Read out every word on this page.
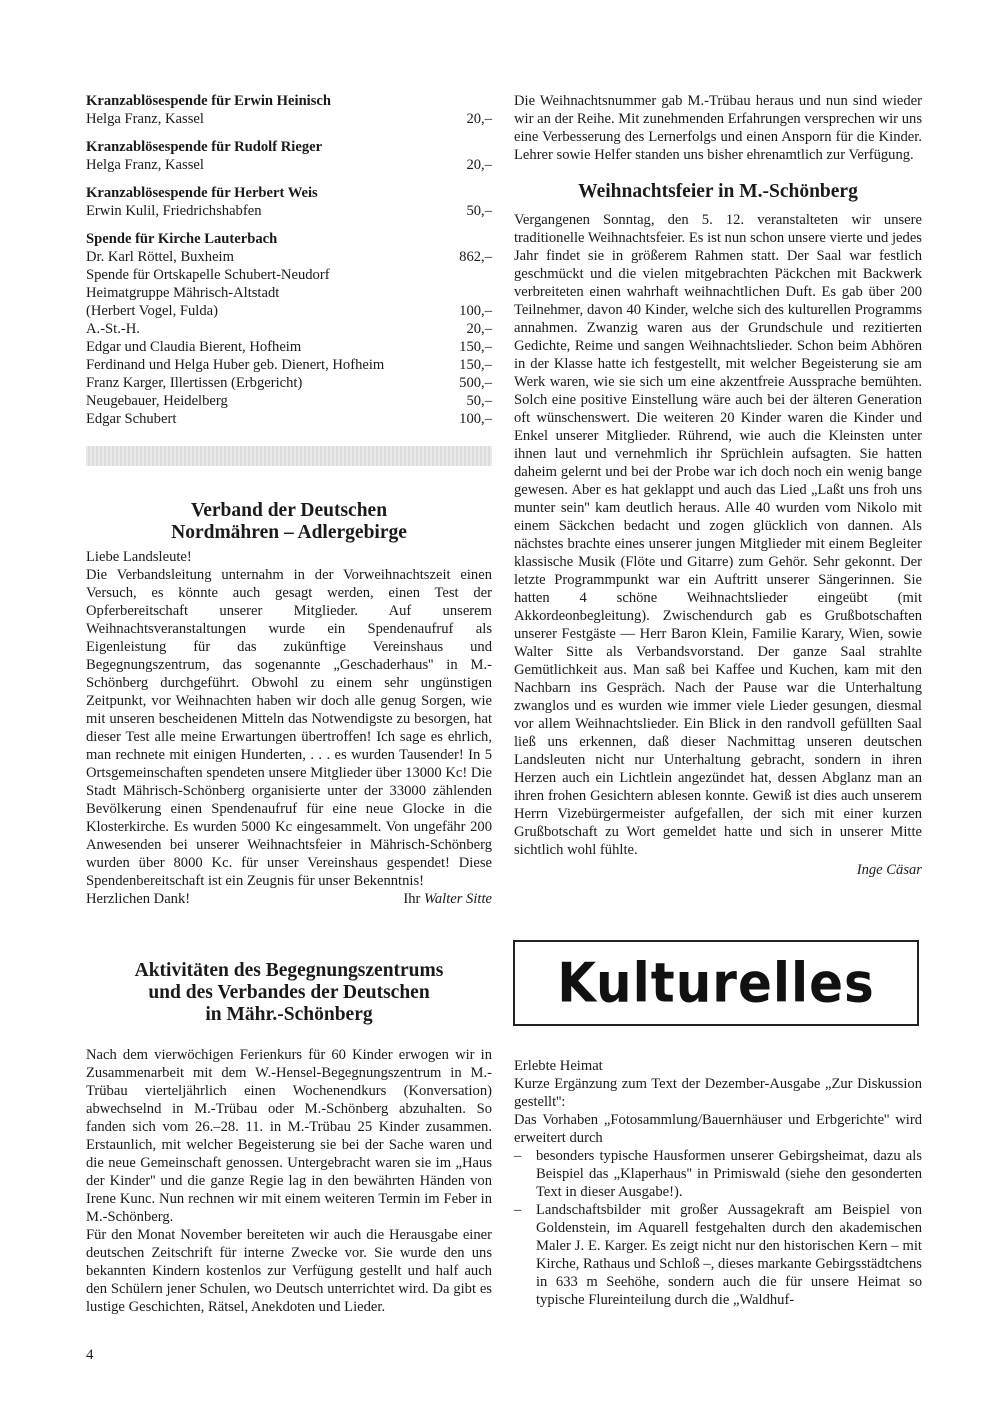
Kranzablösespende für Erwin Heinisch
Helga Franz, Kassel	20,–
Kranzablösespende für Rudolf Rieger
Helga Franz, Kassel	20,–
Kranzablösespende für Herbert Weis
Erwin Kulil, Friedrichshabfen	50,–
Spende für Kirche Lauterbach
Dr. Karl Röttel, Buxheim	862,–
Spende für Ortskapelle Schubert-Neudorf
Heimatgruppe Mährisch-Altstadt
(Herbert Vogel, Fulda)	100,–
A.-St.-H.	20,–
Edgar und Claudia Bierent, Hofheim	150,–
Ferdinand und Helga Huber geb. Dienert, Hofheim	150,–
Franz Karger, Illertissen (Erbgericht)	500,–
Neugebauer, Heidelberg	50,–
Edgar Schubert	100,–
Verband der Deutschen
Nordmähren – Adlergebirge
Liebe Landsleute!

Die Verbandsleitung unternahm in der Vorweihnachtszeit einen Versuch, es könnte auch gesagt werden, einen Test der Opferbereitschaft unserer Mitglieder. Auf unserem Weihnachtsveranstaltungen wurde ein Spendenaufruf als Eigenleistung für das zukünftige Vereinshaus und Begegnungszentrum, das sogenannte „Geschaderhaus'' in M.-Schönberg durchgeführt. Obwohl zu einem sehr ungünstigen Zeitpunkt, vor Weihnachten haben wir doch alle genug Sorgen, wie mit unseren bescheidenen Mitteln das Notwendigste zu besorgen, hat dieser Test alle meine Erwartungen übertroffen! Ich sage es ehrlich, man rechnete mit einigen Hunderten, . . . es wurden Tausender! In 5 Ortsgemeinschaften spendeten unsere Mitglieder über 13000 Kc! Die Stadt Mährisch-Schönberg organisierte unter der 33000 zählenden Bevölkerung einen Spendenaufruf für eine neue Glocke in die Klosterkirche. Es wurden 5000 Kc eingesammelt. Von ungefähr 200 Anwesenden bei unserer Weihnachtsfeier in Mährisch-Schönberg wurden über 8000 Kc. für unser Vereinshaus gespendet! Diese Spendenbereitschaft ist ein Zeugnis für unser Bekenntnis!

Herzlichen Dank!	Ihr Walter Sitte
Aktivitäten des Begegnungszentrums
und des Verbandes der Deutschen
in Mähr.-Schönberg

Nach dem vierwöchigen Ferienkurs für 60 Kinder erwogen wir in Zusammenarbeit mit dem W.-Hensel-Begegnungszentrum in M.-Trübau vierteljährlich einen Wochenendkurs (Konversation) abwechselnd in M.-Trübau oder M.-Schönberg abzuhalten. So fanden sich vom 26.–28. 11. in M.-Trübau 25 Kinder zusammen. Erstaunlich, mit welcher Begeisterung sie bei der Sache waren und die neue Gemeinschaft genossen. Untergebracht waren sie im „Haus der Kinder'' und die ganze Regie lag in den bewährten Händen von Irene Kunc. Nun rechnen wir mit einem weiteren Termin im Feber in M.-Schönberg.

Für den Monat November bereiteten wir auch die Herausgabe einer deutschen Zeitschrift für interne Zwecke vor. Sie wurde den uns bekannten Kindern kostenlos zur Verfügung gestellt und half auch den Schülern jener Schulen, wo Deutsch unterrichtet wird. Da gibt es lustige Geschichten, Rätsel, Anekdoten und Lieder.

Die Weihnachtsnummer gab M.-Trübau heraus und nun sind wieder wir an der Reihe. Mit zunehmenden Erfahrungen versprechen wir uns eine Verbesserung des Lernerfolgs und einen Ansporn für die Kinder. Lehrer sowie Helfer standen uns bisher ehrenamtlich zur Verfügung.

Weihnachtsfeier in M.-Schönberg

Vergangenen Sonntag, den 5. 12. veranstalteten wir unsere traditionelle Weihnachtsfeier. Es ist nun schon unsere vierte und jedes Jahr findet sie in größerem Rahmen statt. Der Saal war festlich geschmückt und die vielen mitgebrachten Päckchen mit Backwerk verbreiteten einen wahrhaft weihnachtlichen Duft. Es gab über 200 Teilnehmer, davon 40 Kinder, welche sich des kulturellen Programms annahmen. Zwanzig waren aus der Grundschule und rezitierten Gedichte, Reime und sangen Weihnachtslieder. Schon beim Abhören in der Klasse hatte ich festgestellt, mit welcher Begeisterung sie am Werk waren, wie sie sich um eine akzentfreie Aussprache bemühten. Solch eine positive Einstellung wäre auch bei der älteren Generation oft wünschenswert. Die weiteren 20 Kinder waren die Kinder und Enkel unserer Mitglieder. Rührend, wie auch die Kleinsten unter ihnen laut und vernehmlich ihr Sprüchlein aufsagten. Sie hatten daheim gelernt und bei der Probe war ich doch noch ein wenig bange gewesen. Aber es hat geklappt und auch das Lied „Laßt uns froh uns munter sein'' kam deutlich heraus. Alle 40 wurden vom Nikolo mit einem Säckchen bedacht und zogen glücklich von dannen. Als nächstes brachte eines unserer jungen Mitglieder mit einem Begleiter klassische Musik (Flöte und Gitarre) zum Gehör. Sehr gekonnt. Der letzte Programmpunkt war ein Auftritt unserer Sängerinnen. Sie hatten 4 schöne Weihnachtslieder eingeübt (mit Akkordeonbegleitung). Zwischendurch gab es Grußbotschaften unserer Festgäste — Herr Baron Klein, Familie Karary, Wien, sowie Walter Sitte als Verbandsvorstand. Der ganze Saal strahlte Gemütlichkeit aus. Man saß bei Kaffee und Kuchen, kam mit den Nachbarn ins Gespräch. Nach der Pause war die Unterhaltung zwanglos und es wurden wie immer viele Lieder gesungen, diesmal vor allem Weihnachtslieder. Ein Blick in den randvoll gefüllten Saal ließ uns erkennen, daß dieser Nachmittag unseren deutschen Landsleuten nicht nur Unterhaltung gebracht, sondern in ihren Herzen auch ein Lichtlein angezündet hat, dessen Abglanz man an ihren frohen Gesichtern ablesen konnte. Gewiß ist dies auch unserem Herrn Vizebürgermeister aufgefallen, der sich mit einer kurzen Grußbotschaft zu Wort gemeldet hatte und sich in unserer Mitte sichtlich wohl fühlte.

Inge Cäsar
Kulturelles
Erlebte Heimat

Kurze Ergänzung zum Text der Dezember-Ausgabe „Zur Diskussion gestellt'':

Das Vorhaben „Fotosammlung/Bauernhäuser und Erbgerichte'' wird erweitert durch

– besonders typische Hausformen unserer Gebirgsheimat, dazu als Beispiel das „Klaperhaus'' in Primiswald (siehe den gesonderten Text in dieser Ausgabe!).
– Landschaftsbilder mit großer Aussagekraft am Beispiel von Goldenstein, im Aquarell festgehalten durch den akademischen Maler J. E. Karger. Es zeigt nicht nur den historischen Kern – mit Kirche, Rathaus und Schloß –, dieses markante Gebirgsstädtchens in 633 m Seehöhe, sondern auch die für unsere Heimat so typische Flureinteilung durch die „Waldhuf-
4
